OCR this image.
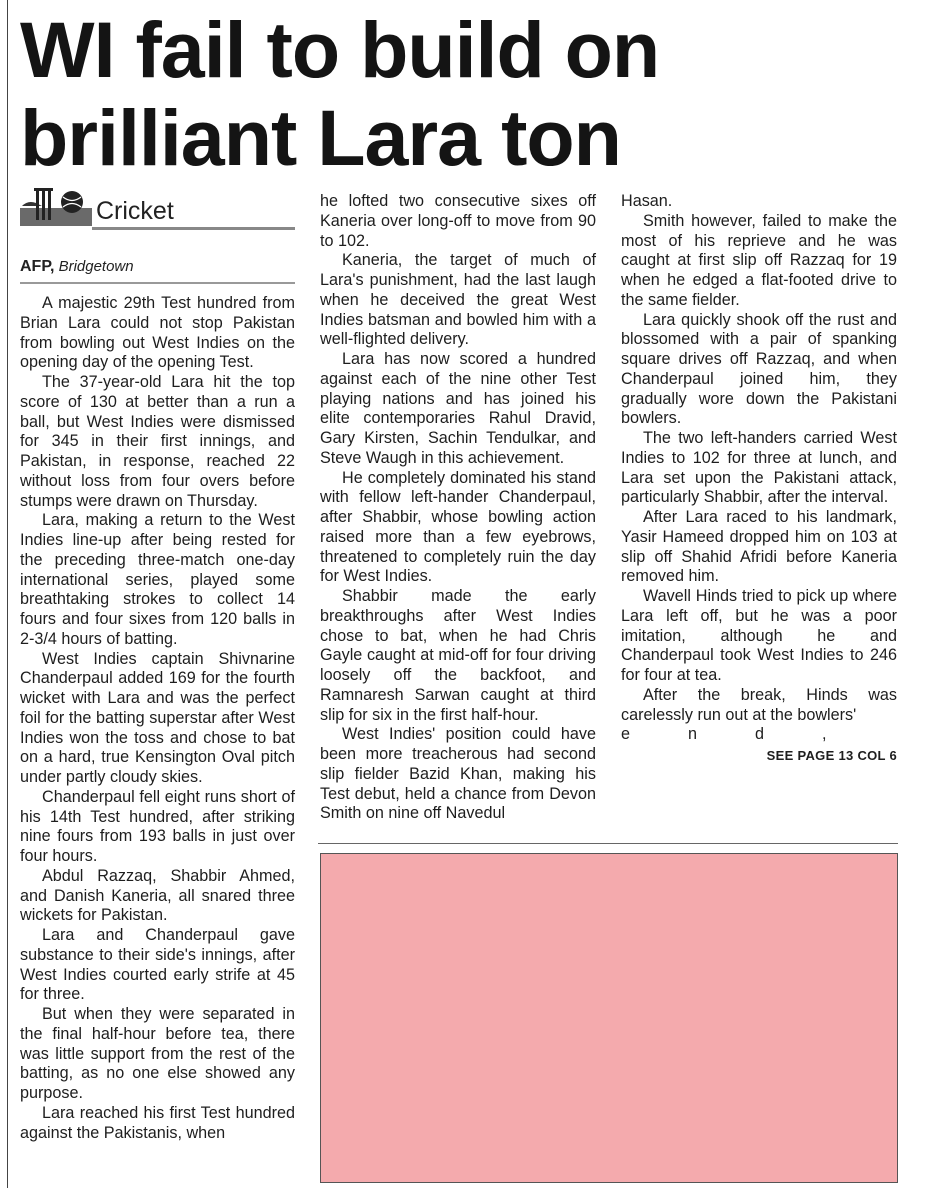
WI fail to build on brilliant Lara ton
Cricket
AFP, Bridgetown

A majestic 29th Test hundred from Brian Lara could not stop Pakistan from bowling out West Indies on the opening day of the opening Test.

The 37-year-old Lara hit the top score of 130 at better than a run a ball, but West Indies were dismissed for 345 in their first innings, and Pakistan, in response, reached 22 without loss from four overs before stumps were drawn on Thursday.

Lara, making a return to the West Indies line-up after being rested for the preceding three-match one-day international series, played some breathtaking strokes to collect 14 fours and four sixes from 120 balls in 2-3/4 hours of batting.

West Indies captain Shivnarine Chanderpaul added 169 for the fourth wicket with Lara and was the perfect foil for the batting superstar after West Indies won the toss and chose to bat on a hard, true Kensington Oval pitch under partly cloudy skies.

Chanderpaul fell eight runs short of his 14th Test hundred, after striking nine fours from 193 balls in just over four hours.

Abdul Razzaq, Shabbir Ahmed, and Danish Kaneria, all snared three wickets for Pakistan.

Lara and Chanderpaul gave substance to their side's innings, after West Indies courted early strife at 45 for three.

But when they were separated in the final half-hour before tea, there was little support from the rest of the batting, as no one else showed any purpose.

Lara reached his first Test hundred against the Pakistanis, when

he lofted two consecutive sixes off Kaneria over long-off to move from 90 to 102.

Kaneria, the target of much of Lara's punishment, had the last laugh when he deceived the great West Indies batsman and bowled him with a well-flighted delivery.

Lara has now scored a hundred against each of the nine other Test playing nations and has joined his elite contemporaries Rahul Dravid, Gary Kirsten, Sachin Tendulkar, and Steve Waugh in this achievement.

He completely dominated his stand with fellow left-hander Chanderpaul, after Shabbir, whose bowling action raised more than a few eyebrows, threatened to completely ruin the day for West Indies.

Shabbir made the early breakthroughs after West Indies chose to bat, when he had Chris Gayle caught at mid-off for four driving loosely off the backfoot, and Ramnaresh Sarwan caught at third slip for six in the first half-hour.

West Indies' position could have been more treacherous had second slip fielder Bazid Khan, making his Test debut, held a chance from Devon Smith on nine off Navedul

Hasan.

Smith however, failed to make the most of his reprieve and he was caught at first slip off Razzaq for 19 when he edged a flat-footed drive to the same fielder.

Lara quickly shook off the rust and blossomed with a pair of spanking square drives off Razzaq, and when Chanderpaul joined him, they gradually wore down the Pakistani bowlers.

The two left-handers carried West Indies to 102 for three at lunch, and Lara set upon the Pakistani attack, particularly Shabbir, after the interval.

After Lara raced to his landmark, Yasir Hameed dropped him on 103 at slip off Shahid Afridi before Kaneria removed him.

Wavell Hinds tried to pick up where Lara left off, but he was a poor imitation, although he and Chanderpaul took West Indies to 246 for four at tea.

After the break, Hinds was carelessly run out at the bowlers'

end,

SEE PAGE 13 COL 6
